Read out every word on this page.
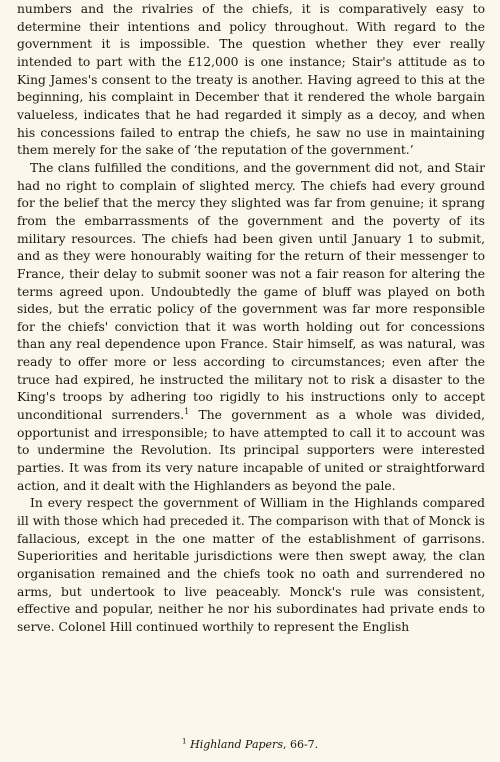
numbers and the rivalries of the chiefs, it is comparatively easy to determine their intentions and policy throughout. With regard to the government it is impossible. The question whether they ever really intended to part with the £12,000 is one instance; Stair's attitude as to King James's consent to the treaty is another. Having agreed to this at the beginning, his complaint in December that it rendered the whole bargain valueless, indicates that he had regarded it simply as a decoy, and when his concessions failed to entrap the chiefs, he saw no use in maintaining them merely for the sake of ‘the reputation of the government.’

The clans fulfilled the conditions, and the government did not, and Stair had no right to complain of slighted mercy. The chiefs had every ground for the belief that the mercy they slighted was far from genuine; it sprang from the embarrassments of the government and the poverty of its military resources. The chiefs had been given until January 1 to submit, and as they were honourably waiting for the return of their messenger to France, their delay to submit sooner was not a fair reason for altering the terms agreed upon. Undoubtedly the game of bluff was played on both sides, but the erratic policy of the government was far more responsible for the chiefs' conviction that it was worth holding out for concessions than any real dependence upon France. Stair himself, as was natural, was ready to offer more or less according to circumstances; even after the truce had expired, he instructed the military not to risk a disaster to the King's troops by adhering too rigidly to his instructions only to accept unconditional surrenders.$^1$ The government as a whole was divided, opportunist and irresponsible; to have attempted to call it to account was to undermine the Revolution. Its principal supporters were interested parties. It was from its very nature incapable of united or straightforward action, and it dealt with the Highlanders as beyond the pale.

In every respect the government of William in the Highlands compared ill with those which had preceded it. The comparison with that of Monck is fallacious, except in the one matter of the establishment of garrisons. Superiorities and heritable jurisdictions were then swept away, the clan organisation remained and the chiefs took no oath and surrendered no arms, but undertook to live peaceably. Monck's rule was consistent, effective and popular, neither he nor his subordinates had private ends to serve. Colonel Hill continued worthily to represent the English

$^1$ Highland Papers, 66-7.
